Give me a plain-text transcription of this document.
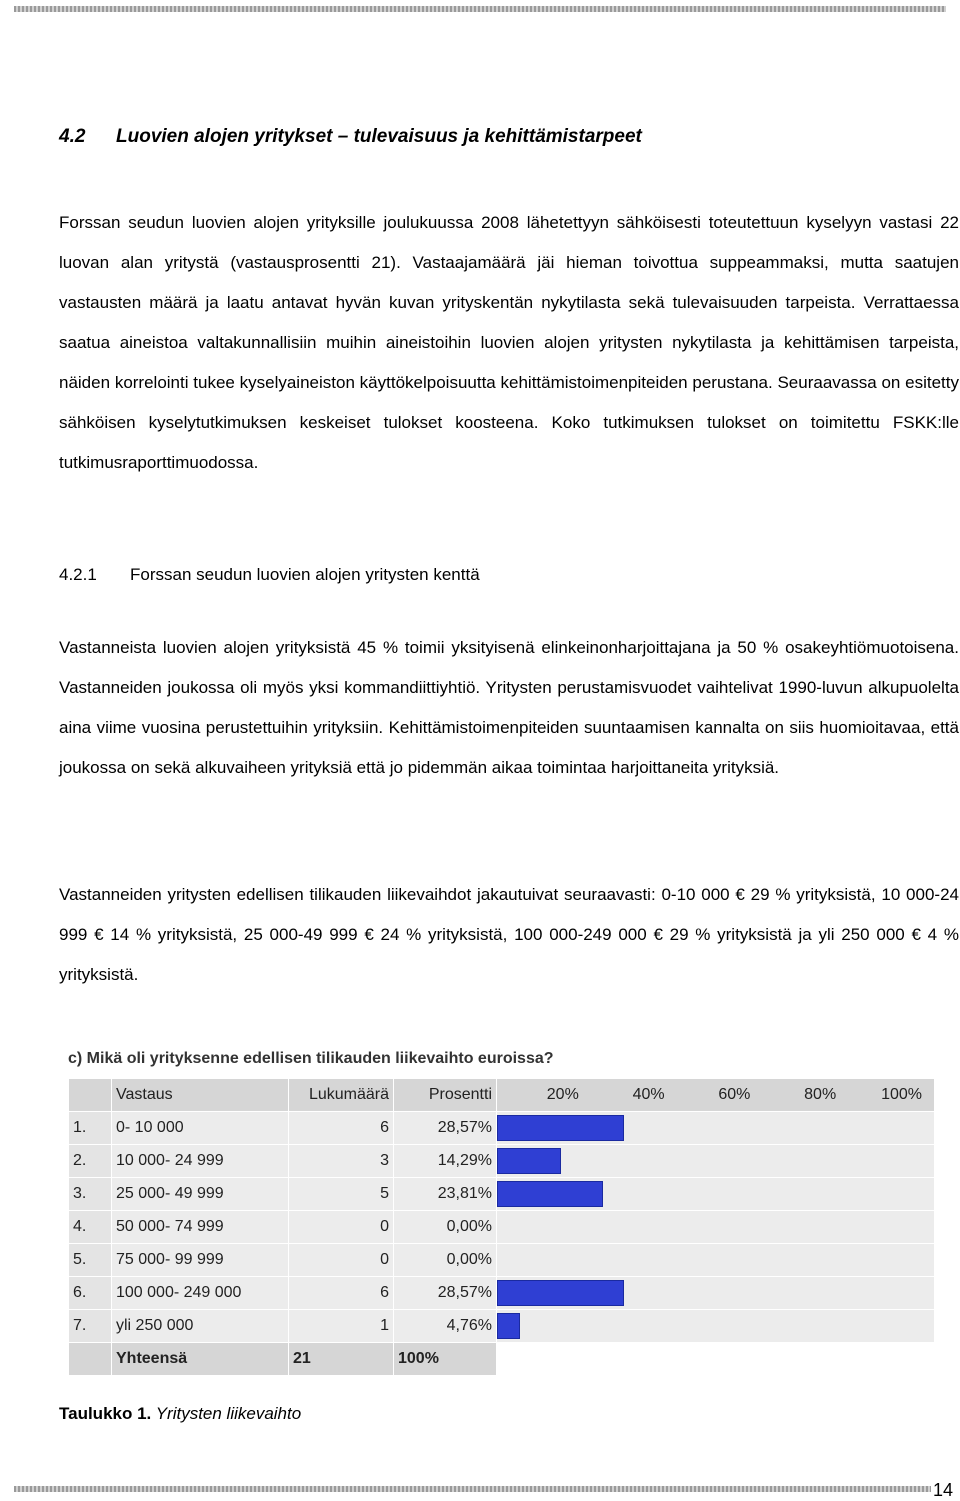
4.2 Luovien alojen yritykset – tulevaisuus ja kehittämistarpeet

Forssan seudun luovien alojen yrityksille joulukuussa 2008 lähetettyyn sähköisesti toteutettuun kyselyyn vastasi 22 luovan alan yritystä (vastausprosentti 21). Vastaajamäärä jäi hieman toivottua suppeammaksi, mutta saatujen vastausten määrä ja laatu antavat hyvän kuvan yrityskentän nykytilasta sekä tulevaisuuden tarpeista. Verrattaessa saatua aineistoa valtakunnallisiin muihin aineistoihin luovien alojen yritysten nykytilasta ja kehittämisen tarpeista, näiden korrelointi tukee kyselyaineiston käyttökelpoisuutta kehittämistoimenpiteiden perustana. Seuraavassa on esitetty sähköisen kyselytutkimuksen keskeiset tulokset koosteena. Koko tutkimuksen tulokset on toimitettu FSKK:lle tutkimusraporttimuodossa.

4.2.1 Forssan seudun luovien alojen yritysten kenttä

Vastanneista luovien alojen yrityksistä 45 % toimii yksityisenä elinkeinonharjoittajana ja 50 % osakeyhtiömuotoisena. Vastanneiden joukossa oli myös yksi kommandiittiyhtiö. Yritysten perustamisvuodet vaihtelivat 1990-luvun alkupuolelta aina viime vuosina perustettuihin yrityksiin. Kehittämistoimenpiteiden suuntaamisen kannalta on siis huomioitavaa, että joukossa on sekä alkuvaiheen yrityksiä että jo pidemmän aikaa toimintaa harjoittaneita yrityksiä.

Vastanneiden yritysten edellisen tilikauden liikevaihdot jakautuivat seuraavasti: 0-10 000 € 29 % yrityksistä, 10 000-24 999 € 14 % yrityksistä, 25 000-49 999 € 24 % yrityksistä, 100 000-249 000 € 29 % yrityksistä ja yli 250 000 € 4 % yrityksistä.

c) Mikä oli yrityksenne edellisen tilikauden liikevaihto euroissa?
	Vastaus	Lukumäärä	Prosentti	20% 40% 60% 80% 100%

1.	0- 10 000	6	28,57%	

2.	10 000- 24 999	3	14,29%	

3.	25 000- 49 999	5	23,81%	

4.	50 000- 74 999	0	0,00%	
5.	75 000- 99 999	0	0,00%	
6.	100 000- 249 000	6	28,57%	

7.	yli 250 000	1	4,76%	

	Yhteensä	21	100%	
Taulukko 1. Yritysten liikevaihto
14
